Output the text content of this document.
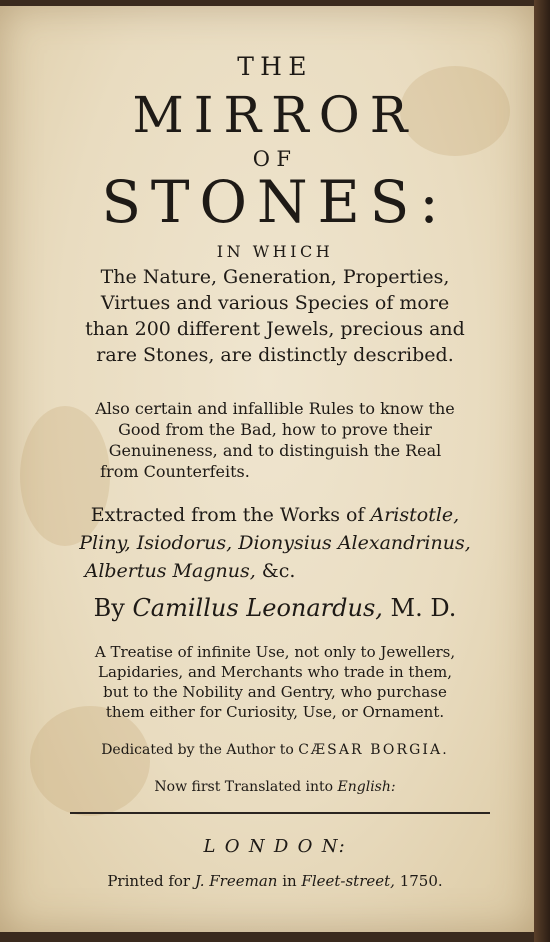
THE
MIRROR
OF
STONES:
IN WHICH
The Nature, Generation, Properties,
Virtues and various Species of more
than 200 different Jewels, precious and
rare Stones, are distinctly described.
Also certain and infallible Rules to know the
Good from the Bad, how to prove their
Genuineness, and to distinguish the Real
from Counterfeits.
Extracted from the Works of Aristotle,
Pliny, Isiodorus, Dionysius Alexandrinus,
Albertus Magnus, &c.
By Camillus Leonardus, M. D.
A Treatise of infinite Use, not only to Jewellers,
Lapidaries, and Merchants who trade in them,
but to the Nobility and Gentry, who purchase
them either for Curiosity, Use, or Ornament.
Dedicated by the Author to CÆSAR BORGIA.
Now first Translated into English:
L O N D O N:
Printed for J. Freeman in Fleet-street, 1750.
